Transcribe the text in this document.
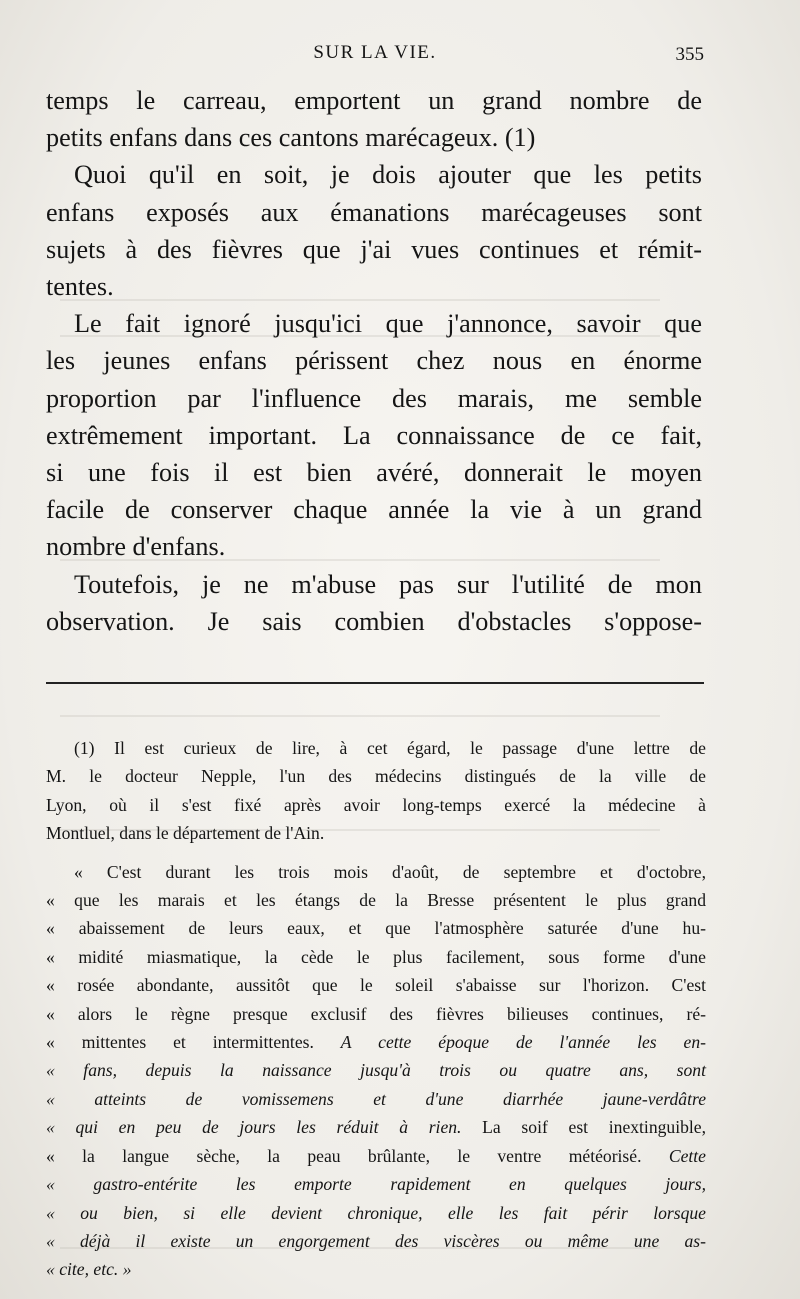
SUR LA VIE.	355
temps le carreau, emportent un grand nombre de
petits enfans dans ces cantons marécageux. (1)
Quoi qu'il en soit, je dois ajouter que les petits
enfans exposés aux émanations marécageuses sont
sujets à des fièvres que j'ai vues continues et rémit-
tentes.
Le fait ignoré jusqu'ici que j'annonce, savoir que
les jeunes enfans périssent chez nous en énorme
proportion par l'influence des marais, me semble
extrêmement important. La connaissance de ce fait,
si une fois il est bien avéré, donnerait le moyen
facile de conserver chaque année la vie à un grand
nombre d'enfans.
Toutefois, je ne m'abuse pas sur l'utilité de mon
observation. Je sais combien d'obstacles s'oppose-
(1) Il est curieux de lire, à cet égard, le passage d'une lettre de
M. le docteur Nepple, l'un des médecins distingués de la ville de
Lyon, où il s'est fixé après avoir long-temps exercé la médecine à
Montluel, dans le département de l'Ain.
« C'est durant les trois mois d'août, de septembre et d'octobre,
« que les marais et les étangs de la Bresse présentent le plus grand
« abaissement de leurs eaux, et que l'atmosphère saturée d'une hu-
« midité miasmatique, la cède le plus facilement, sous forme d'une
« rosée abondante, aussitôt que le soleil s'abaisse sur l'horizon. C'est
« alors le règne presque exclusif des fièvres bilieuses continues, ré-
« mittentes et intermittentes. A cette époque de l'année les en-
« fans, depuis la naissance jusqu'à trois ou quatre ans, sont
« atteints de vomissemens et d'une diarrhée jaune-verdâtre
« qui en peu de jours les réduit à rien. La soif est inextinguible,
« la langue sèche, la peau brûlante, le ventre météorisé. Cette
« gastro-entérite les emporte rapidement en quelques jours,
« ou bien, si elle devient chronique, elle les fait périr lorsque
« déjà il existe un engorgement des viscères ou même une as-
« cite, etc. »
